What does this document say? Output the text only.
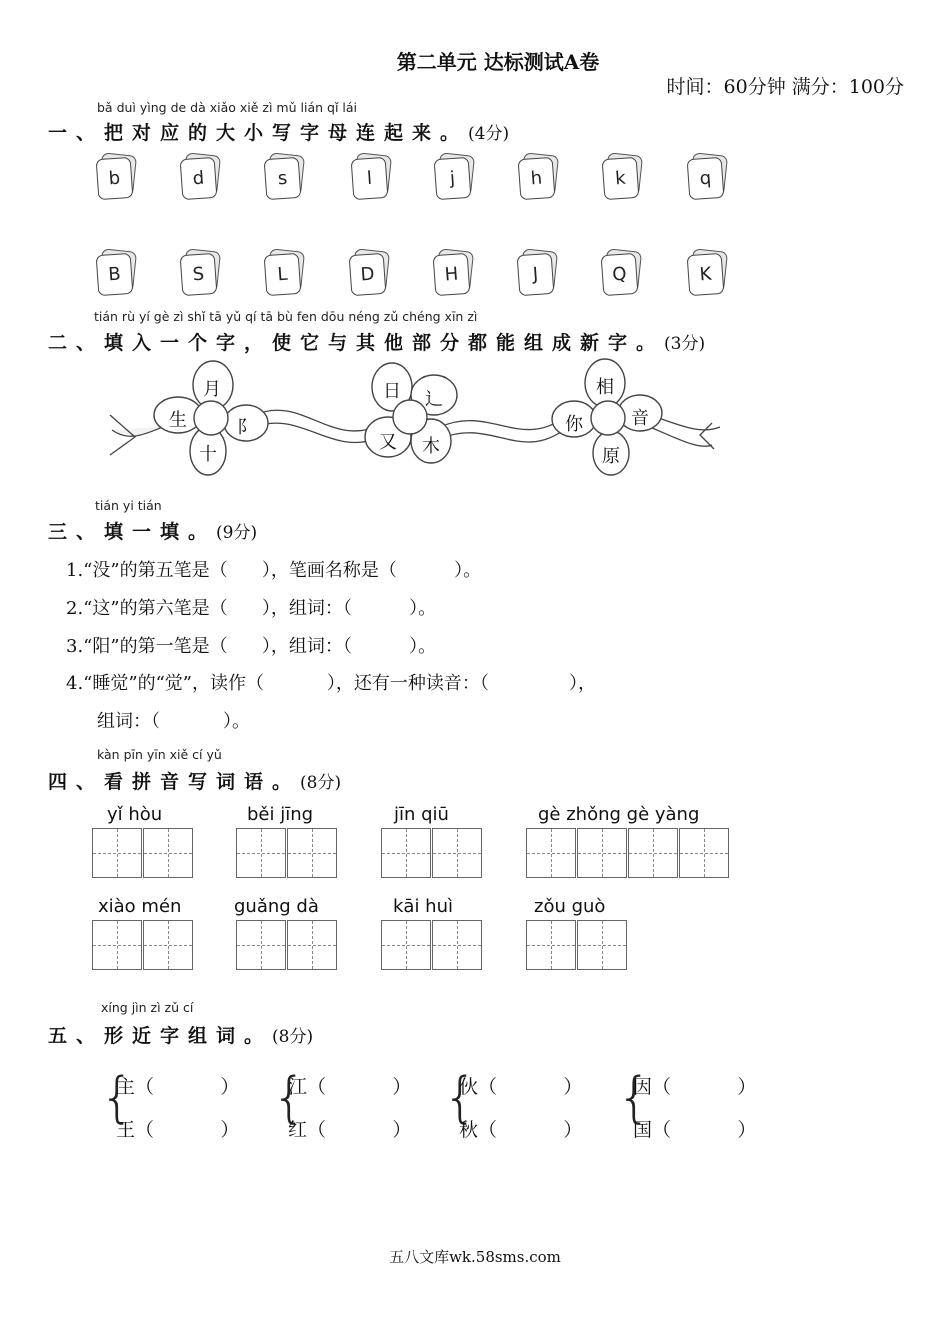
第二单元 达标测试A卷
时间：60分钟 满分：100分
bǎ duì yìng de dà xiǎo xiě zì mǔ lián qǐ lái
一、把对应的大小写字母连起来。(4分)
b	d	s	l	j	h	k	q
B	S	L	D	H	J	Q	K
tián rù yí gè zì shǐ tā yǔ qí tā bù fen dōu néng zǔ chéng xīn zì
二、填入一个字，使它与其他部分都能组成新字。(3分)
月
生	阝
十
日 辶
又 木
相
你	音
原
tián yi tián
三、填一填。(9分)
1.“没”的第五笔是（      ），笔画名称是（          ）。
2.“这”的第六笔是（      ），组词：（          ）。
3.“阳”的第一笔是（      ），组词：（          ）。
4.“睡觉”的“觉”，读作（           ），还有一种读音：（              ），
组词：（           ）。
kàn pīn yīn xiě cí yǔ
四、看拼音写词语。(8分)
yǐ hòu	běi jīng	jīn qiū	gè zhǒng gè yàng
xiào mén	guǎng dà	kāi huì	zǒu guò
xíng jìn zì zǔ cí
五、形近字组词。(8分)
{
主（           ）
王（           ）
{
江（           ）
红（           ）
{
伙（           ）
秋（           ）
{
因（           ）
国（           ）
五八文库wk.58sms.com
